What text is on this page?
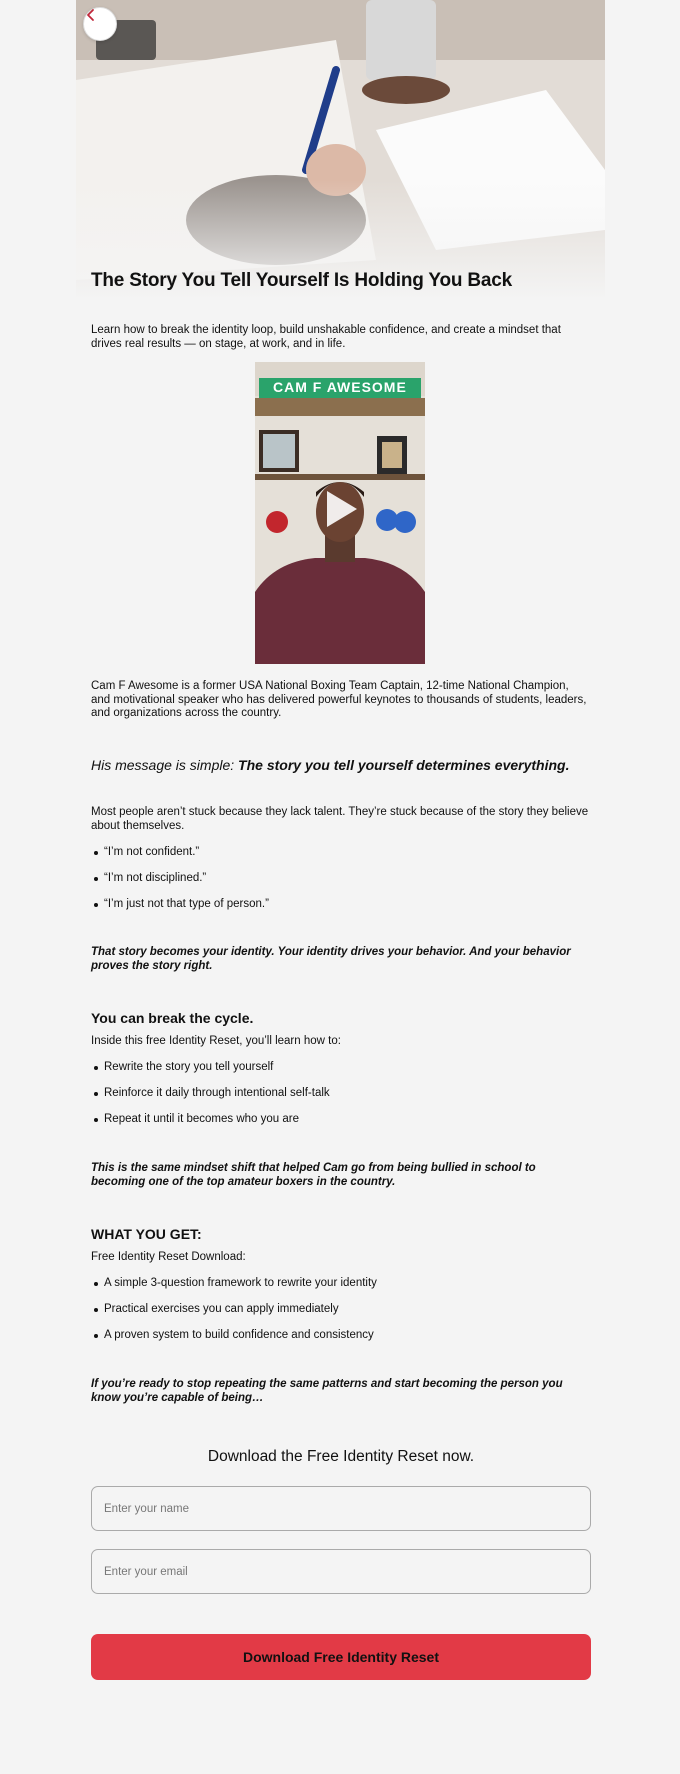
The Story You Tell Yourself Is Holding You Back

Learn how to break the identity loop, build unshakable confidence, and create a mindset that drives real results — on stage, at work, and in life.

CAM F AWESOME

Cam F Awesome is a former USA National Boxing Team Captain, 12-time National Champion, and motivational speaker who has delivered powerful keynotes to thousands of students, leaders, and organizations across the country.

His message is simple: The story you tell yourself determines everything.

Most people aren’t stuck because they lack talent. They’re stuck because of the story they believe about themselves.

“I’m not confident.”
“I’m not disciplined.”
“I’m just not that type of person.”

That story becomes your identity. Your identity drives your behavior. And your behavior proves the story right.

You can break the cycle.

Inside this free Identity Reset, you’ll learn how to:

Rewrite the story you tell yourself
Reinforce it daily through intentional self-talk
Repeat it until it becomes who you are

This is the same mindset shift that helped Cam go from being bullied in school to becoming one of the top amateur boxers in the country.

WHAT YOU GET:

Free Identity Reset Download:

A simple 3-question framework to rewrite your identity
Practical exercises you can apply immediately
A proven system to build confidence and consistency

If you’re ready to stop repeating the same patterns and start becoming the person you know you’re capable of being…

Download the Free Identity Reset now.

Enter your name
Enter your email
Download Free Identity Reset
